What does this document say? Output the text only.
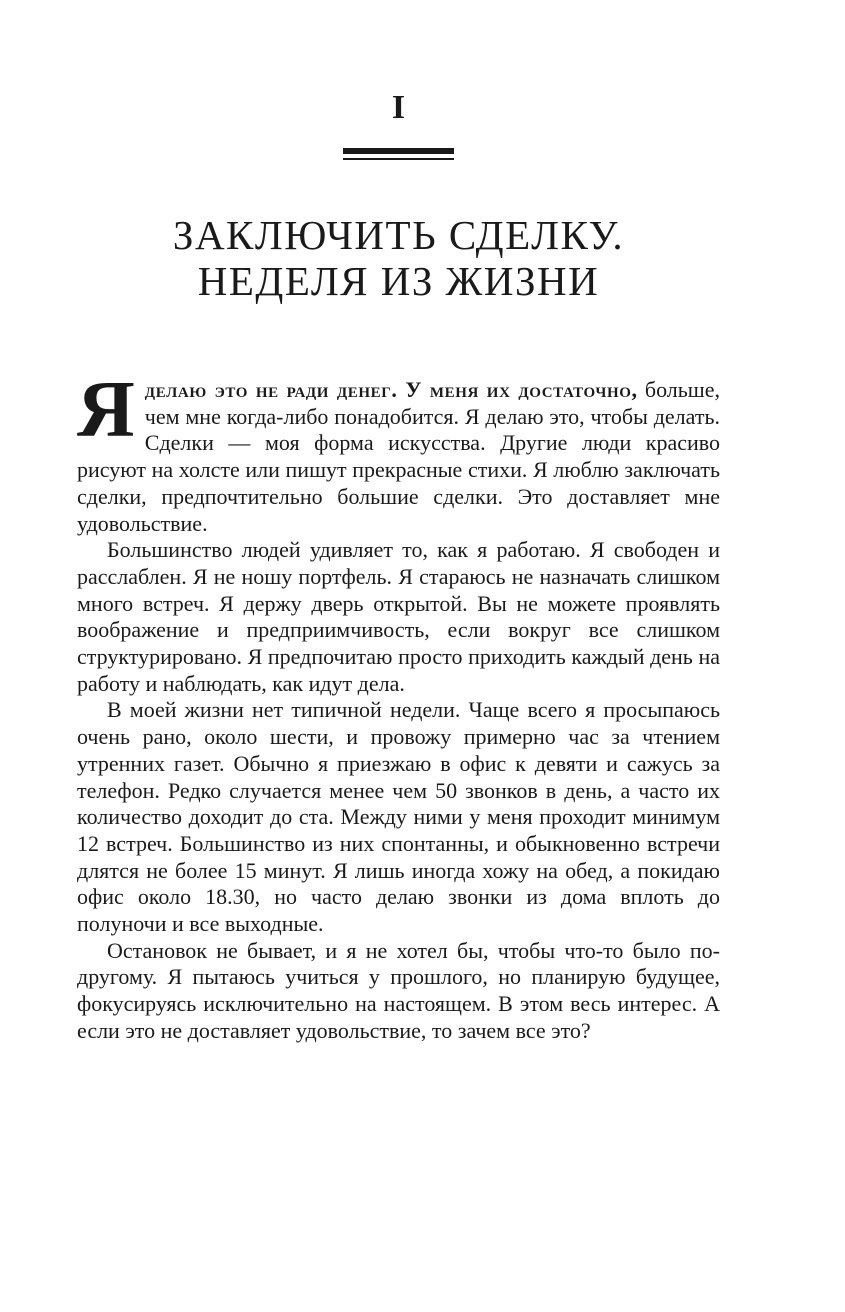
I
ЗАКЛЮЧИТЬ СДЕЛКУ.
НЕДЕЛЯ ИЗ ЖИЗНИ

Яделаю это не ради денег. У меня их достаточно, больше, чем мне когда-либо понадобится. Я делаю это, чтобы делать. Сделки — моя форма искусства. Другие люди красиво рисуют на холсте или пишут прекрасные стихи. Я люблю заключать сделки, предпочтительно большие сделки. Это доставляет мне удовольствие.

Большинство людей удивляет то, как я работаю. Я свободен и расслаблен. Я не ношу портфель. Я стараюсь не назначать слишком много встреч. Я держу дверь открытой. Вы не можете проявлять воображение и предприимчивость, если вокруг все слишком структурировано. Я предпочитаю просто приходить каждый день на работу и наблюдать, как идут дела.

В моей жизни нет типичной недели. Чаще всего я просыпаюсь очень рано, около шести, и провожу примерно час за чтением утренних газет. Обычно я приезжаю в офис к девяти и сажусь за телефон. Редко случается менее чем 50 звонков в день, а часто их количество доходит до ста. Между ними у меня проходит минимум 12 встреч. Большинство из них спонтанны, и обыкновенно встречи длятся не более 15 минут. Я лишь иногда хожу на обед, а покидаю офис около 18.30, но часто делаю звонки из дома вплоть до полуночи и все выходные.

Остановок не бывает, и я не хотел бы, чтобы что-то было по-другому. Я пытаюсь учиться у прошлого, но планирую будущее, фокусируясь исключительно на настоящем. В этом весь интерес. А если это не доставляет удовольствие, то зачем все это?
